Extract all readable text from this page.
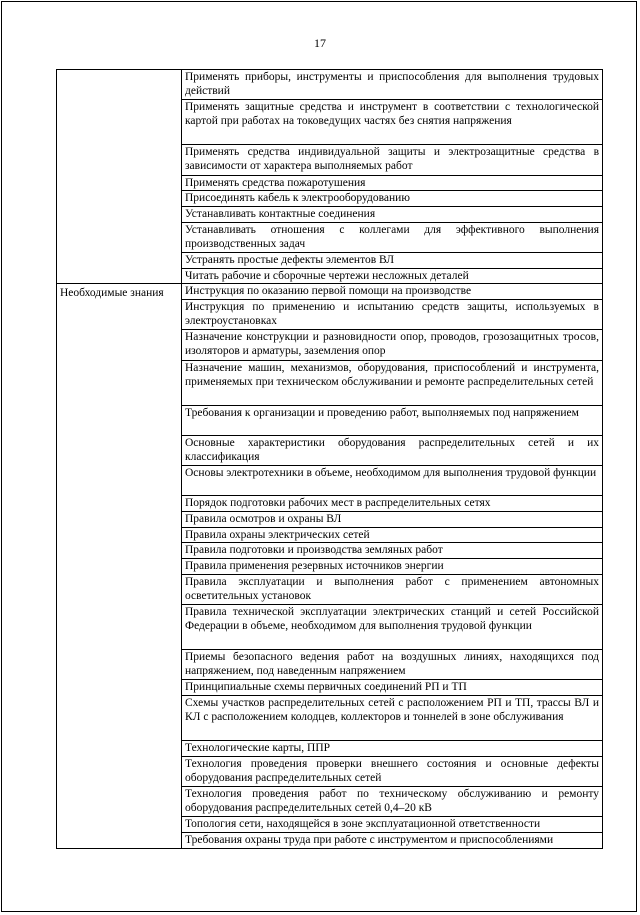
17
	Применять приборы, инструменты и приспособления для выполнения трудовых действий
	Применять защитные средства и инструмент в соответствии с технологической картой при работах на токоведущих частях без снятия напряжения
	Применять средства индивидуальной защиты и электрозащитные средства в зависимости от характера выполняемых работ
	Применять средства пожаротушения
	Присоединять кабель к электрооборудованию
	Устанавливать контактные соединения
	Устанавливать отношения с коллегами для эффективного выполнения производственных задач
	Устранять простые дефекты элементов ВЛ
	Читать рабочие и сборочные чертежи несложных деталей
Необходимые знания	Инструкция по оказанию первой помощи на производстве
	Инструкция по применению и испытанию средств защиты, используемых в электроустановках
	Назначение конструкции и разновидности опор, проводов, грозозащитных тросов, изоляторов и арматуры, заземления опор
	Назначение машин, механизмов, оборудования, приспособлений и инструмента, применяемых при техническом обслуживании и ремонте распределительных сетей
	Требования к организации и проведению работ, выполняемых под напряжением
	Основные характеристики оборудования распределительных сетей и их классификация
	Основы электротехники в объеме, необходимом для выполнения трудовой функции
	Порядок подготовки рабочих мест в распределительных сетях
	Правила осмотров и охраны ВЛ
	Правила охраны электрических сетей
	Правила подготовки и производства земляных работ
	Правила применения резервных источников энергии
	Правила эксплуатации и выполнения работ с применением автономных осветительных установок
	Правила технической эксплуатации электрических станций и сетей Российской Федерации в объеме, необходимом для выполнения трудовой функции
	Приемы безопасного ведения работ на воздушных линиях, находящихся под напряжением, под наведенным напряжением
	Принципиальные схемы первичных соединений РП и ТП
	Схемы участков распределительных сетей с расположением РП и ТП, трассы ВЛ и КЛ с расположением колодцев, коллекторов и тоннелей в зоне обслуживания
	Технологические карты, ППР
	Технология проведения проверки внешнего состояния и основные дефекты оборудования распределительных сетей
	Технология проведения работ по техническому обслуживанию и ремонту оборудования распределительных сетей 0,4–20 кВ
	Топология сети, находящейся в зоне эксплуатационной ответственности
	Требования охраны труда при работе с инструментом и приспособлениями
